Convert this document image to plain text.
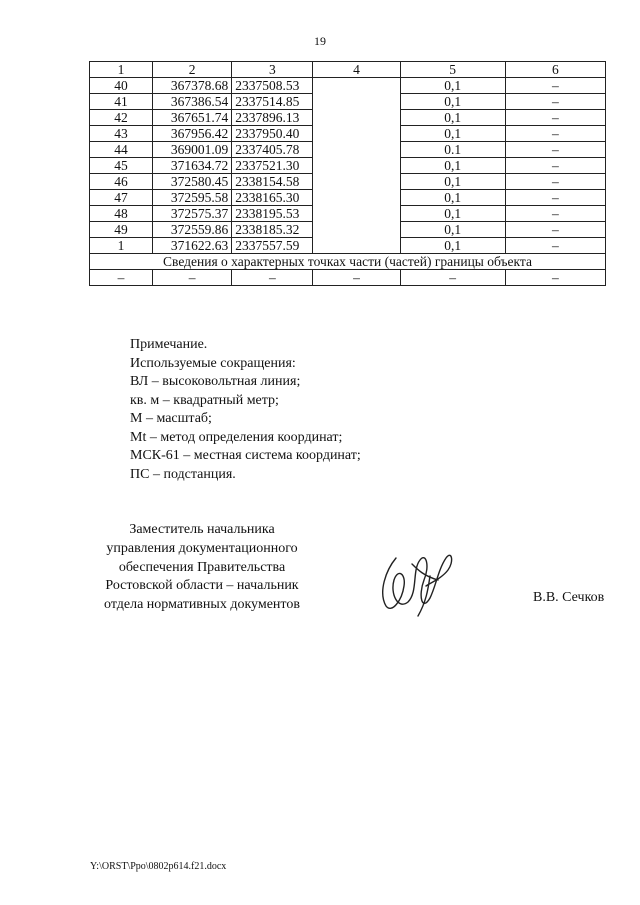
19
1	2	3	4	5	6
40	367378.68	2337508.53		0,1	–
41	367386.54	2337514.85		0,1	–
42	367651.74	2337896.13		0,1	–
43	367956.42	2337950.40		0,1	–
44	369001.09	2337405.78		0.1	–
45	371634.72	2337521.30		0,1	–
46	372580.45	2338154.58		0,1	–
47	372595.58	2338165.30		0,1	–
48	372575.37	2338195.53		0,1	–
49	372559.86	2338185.32		0,1	–
1	371622.63	2337557.59		0,1	–
Сведения о характерных точках части (частей) границы объекта					
–	–	–	–	–	–
Примечание.
Используемые сокращения:
ВЛ – высоковольтная линия;
кв. м – квадратный метр;
М – масштаб;
Mt – метод определения координат;
МСК-61 – местная система координат;
ПС – подстанция.
Заместитель начальника
управления документационного
обеспечения Правительства
Ростовской области – начальник
отдела нормативных документов	В.В. Сечков
Y:\ORST\Ppo\0802p614.f21.docx
